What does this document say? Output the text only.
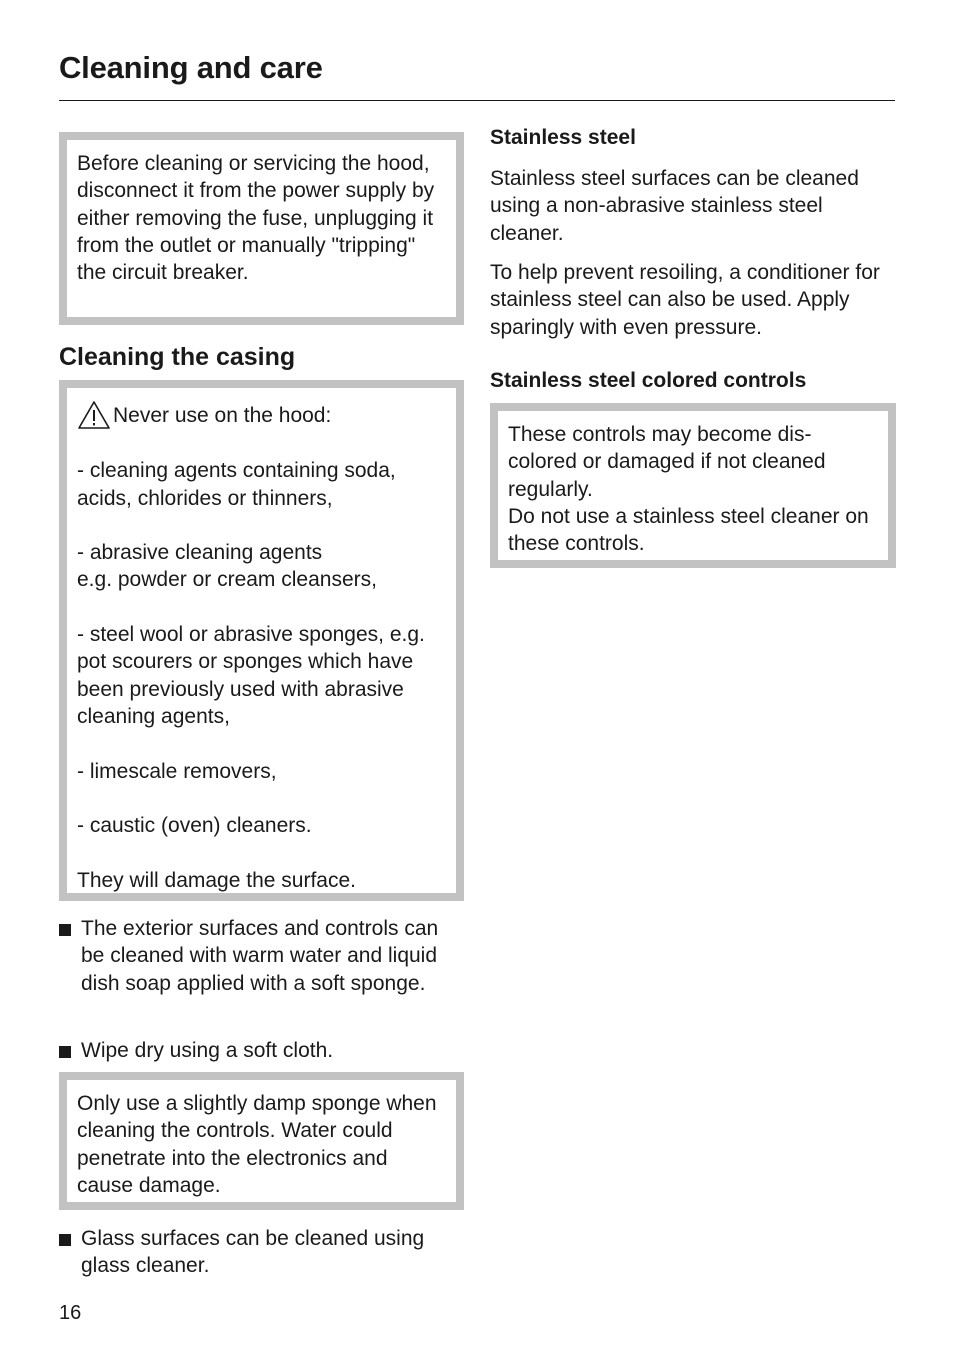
Cleaning and care

Before cleaning or servicing the hood, disconnect it from the power supply by either removing the fuse, unplugging it from the outlet or manually "tripping" the circuit breaker.

Cleaning the casing
Never use on the hood:

- cleaning agents containing soda, acids, chlorides or thinners,

- abrasive cleaning agents

e.g. powder or cream cleansers,

- steel wool or abrasive sponges, e.g. pot scourers or sponges which have been previously used with abrasive cleaning agents,

- limescale removers,

- caustic (oven) cleaners.

They will damage the surface.

The exterior surfaces and controls can be cleaned with warm water and liquid dish soap applied with a soft sponge.
Wipe dry using a soft cloth.

Only use a slightly damp sponge when cleaning the controls. Water could penetrate into the electronics and cause damage.

Glass surfaces can be cleaned using glass cleaner.
Stainless steel

Stainless steel surfaces can be cleaned using a non-abrasive stainless steel cleaner.

To help prevent resoiling, a conditioner for stainless steel can also be used. Apply sparingly with even pressure.

Stainless steel colored controls

These controls may become dis-colored or damaged if not cleaned regularly.

Do not use a stainless steel cleaner on these controls.

16
